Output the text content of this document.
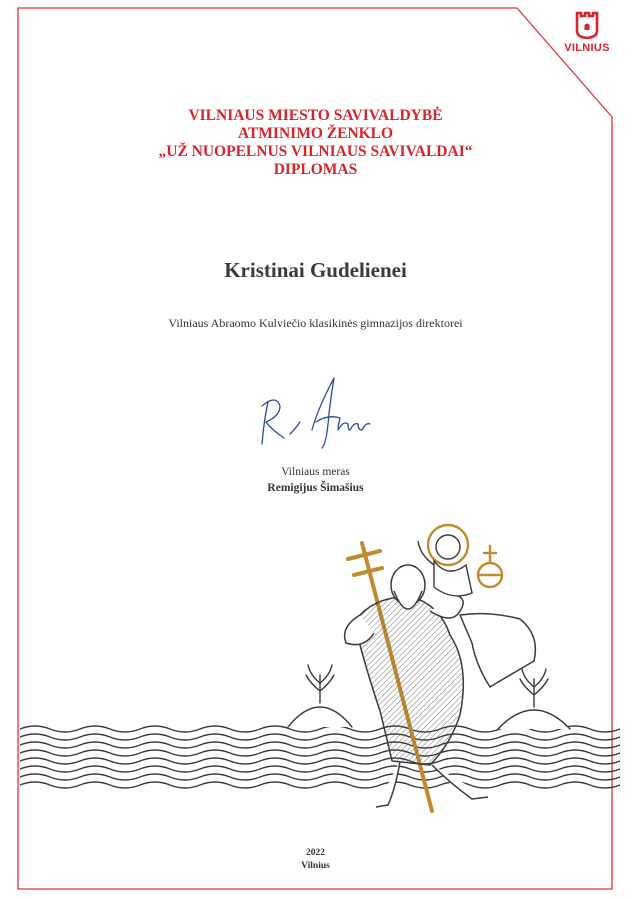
VILNIUS
VILNIAUS MIESTO SAVIVALDYBĖ
ATMINIMO ŽENKLO
„UŽ NUOPELNUS VILNIAUS SAVIVALDAI“
DIPLOMAS
Kristinai Gudelienei
Vilniaus Abraomo Kulviečio klasikinės gimnazijos direktorei
Vilniaus meras
Remigijus Šimašius
2022
Vilnius
